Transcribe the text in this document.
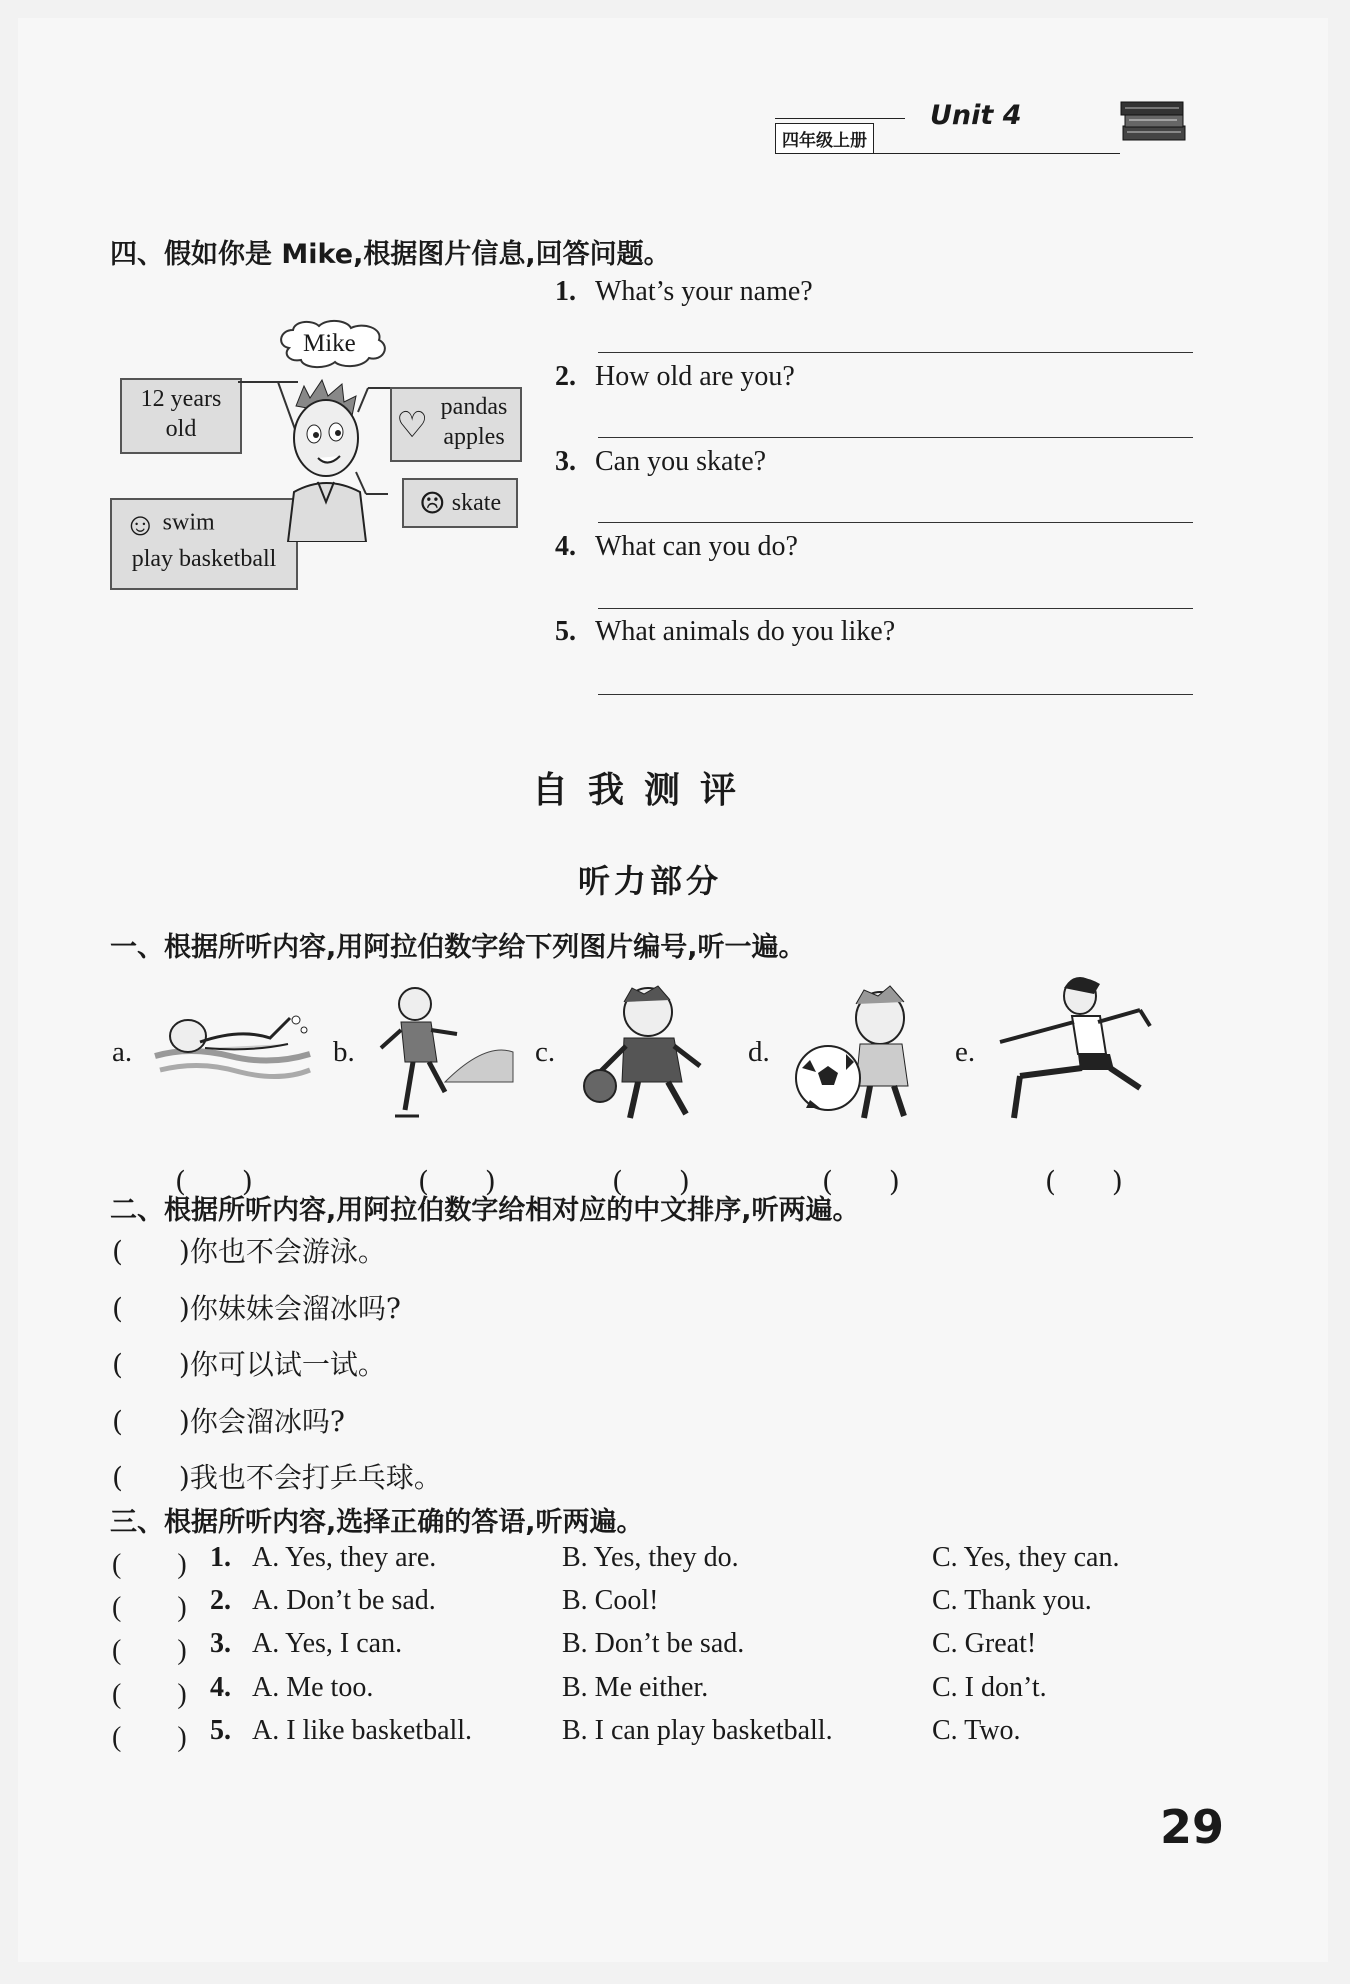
Unit 4
四年级上册
四、假如你是 Mike,根据图片信息,回答问题。
Mike
12 years
old	♡ pandas
apples
☹ skate
☺ swim
play basketball
1. What’s your name?
2. How old are you?
3. Can you skate?
4. What can you do?
5. What animals do you like?
自我测评
听力部分
一、根据所听内容,用阿拉伯数字给下列图片编号,听一遍。
a.	b.	c.	d.	e.
(　　)	(　　)	(　　)	(　　)	(　　)
二、根据所听内容,用阿拉伯数字给相对应的中文排序,听两遍。
(　　)你也不会游泳。
(　　)你妹妹会溜冰吗?
(　　)你可以试一试。
(　　)你会溜冰吗?
(　　)我也不会打乒乓球。
三、根据所听内容,选择正确的答语,听两遍。
(　　) 1. A. Yes, they are.	B. Yes, they do.	C. Yes, they can.
(　　) 2. A. Don’t be sad.	B. Cool!	C. Thank you.
(　　) 3. A. Yes, I can.	B. Don’t be sad.	C. Great!
(　　) 4. A. Me too.	B. Me either.	C. I don’t.
(　　) 5. A. I like basketball.	B. I can play basketball.	C. Two.
29
